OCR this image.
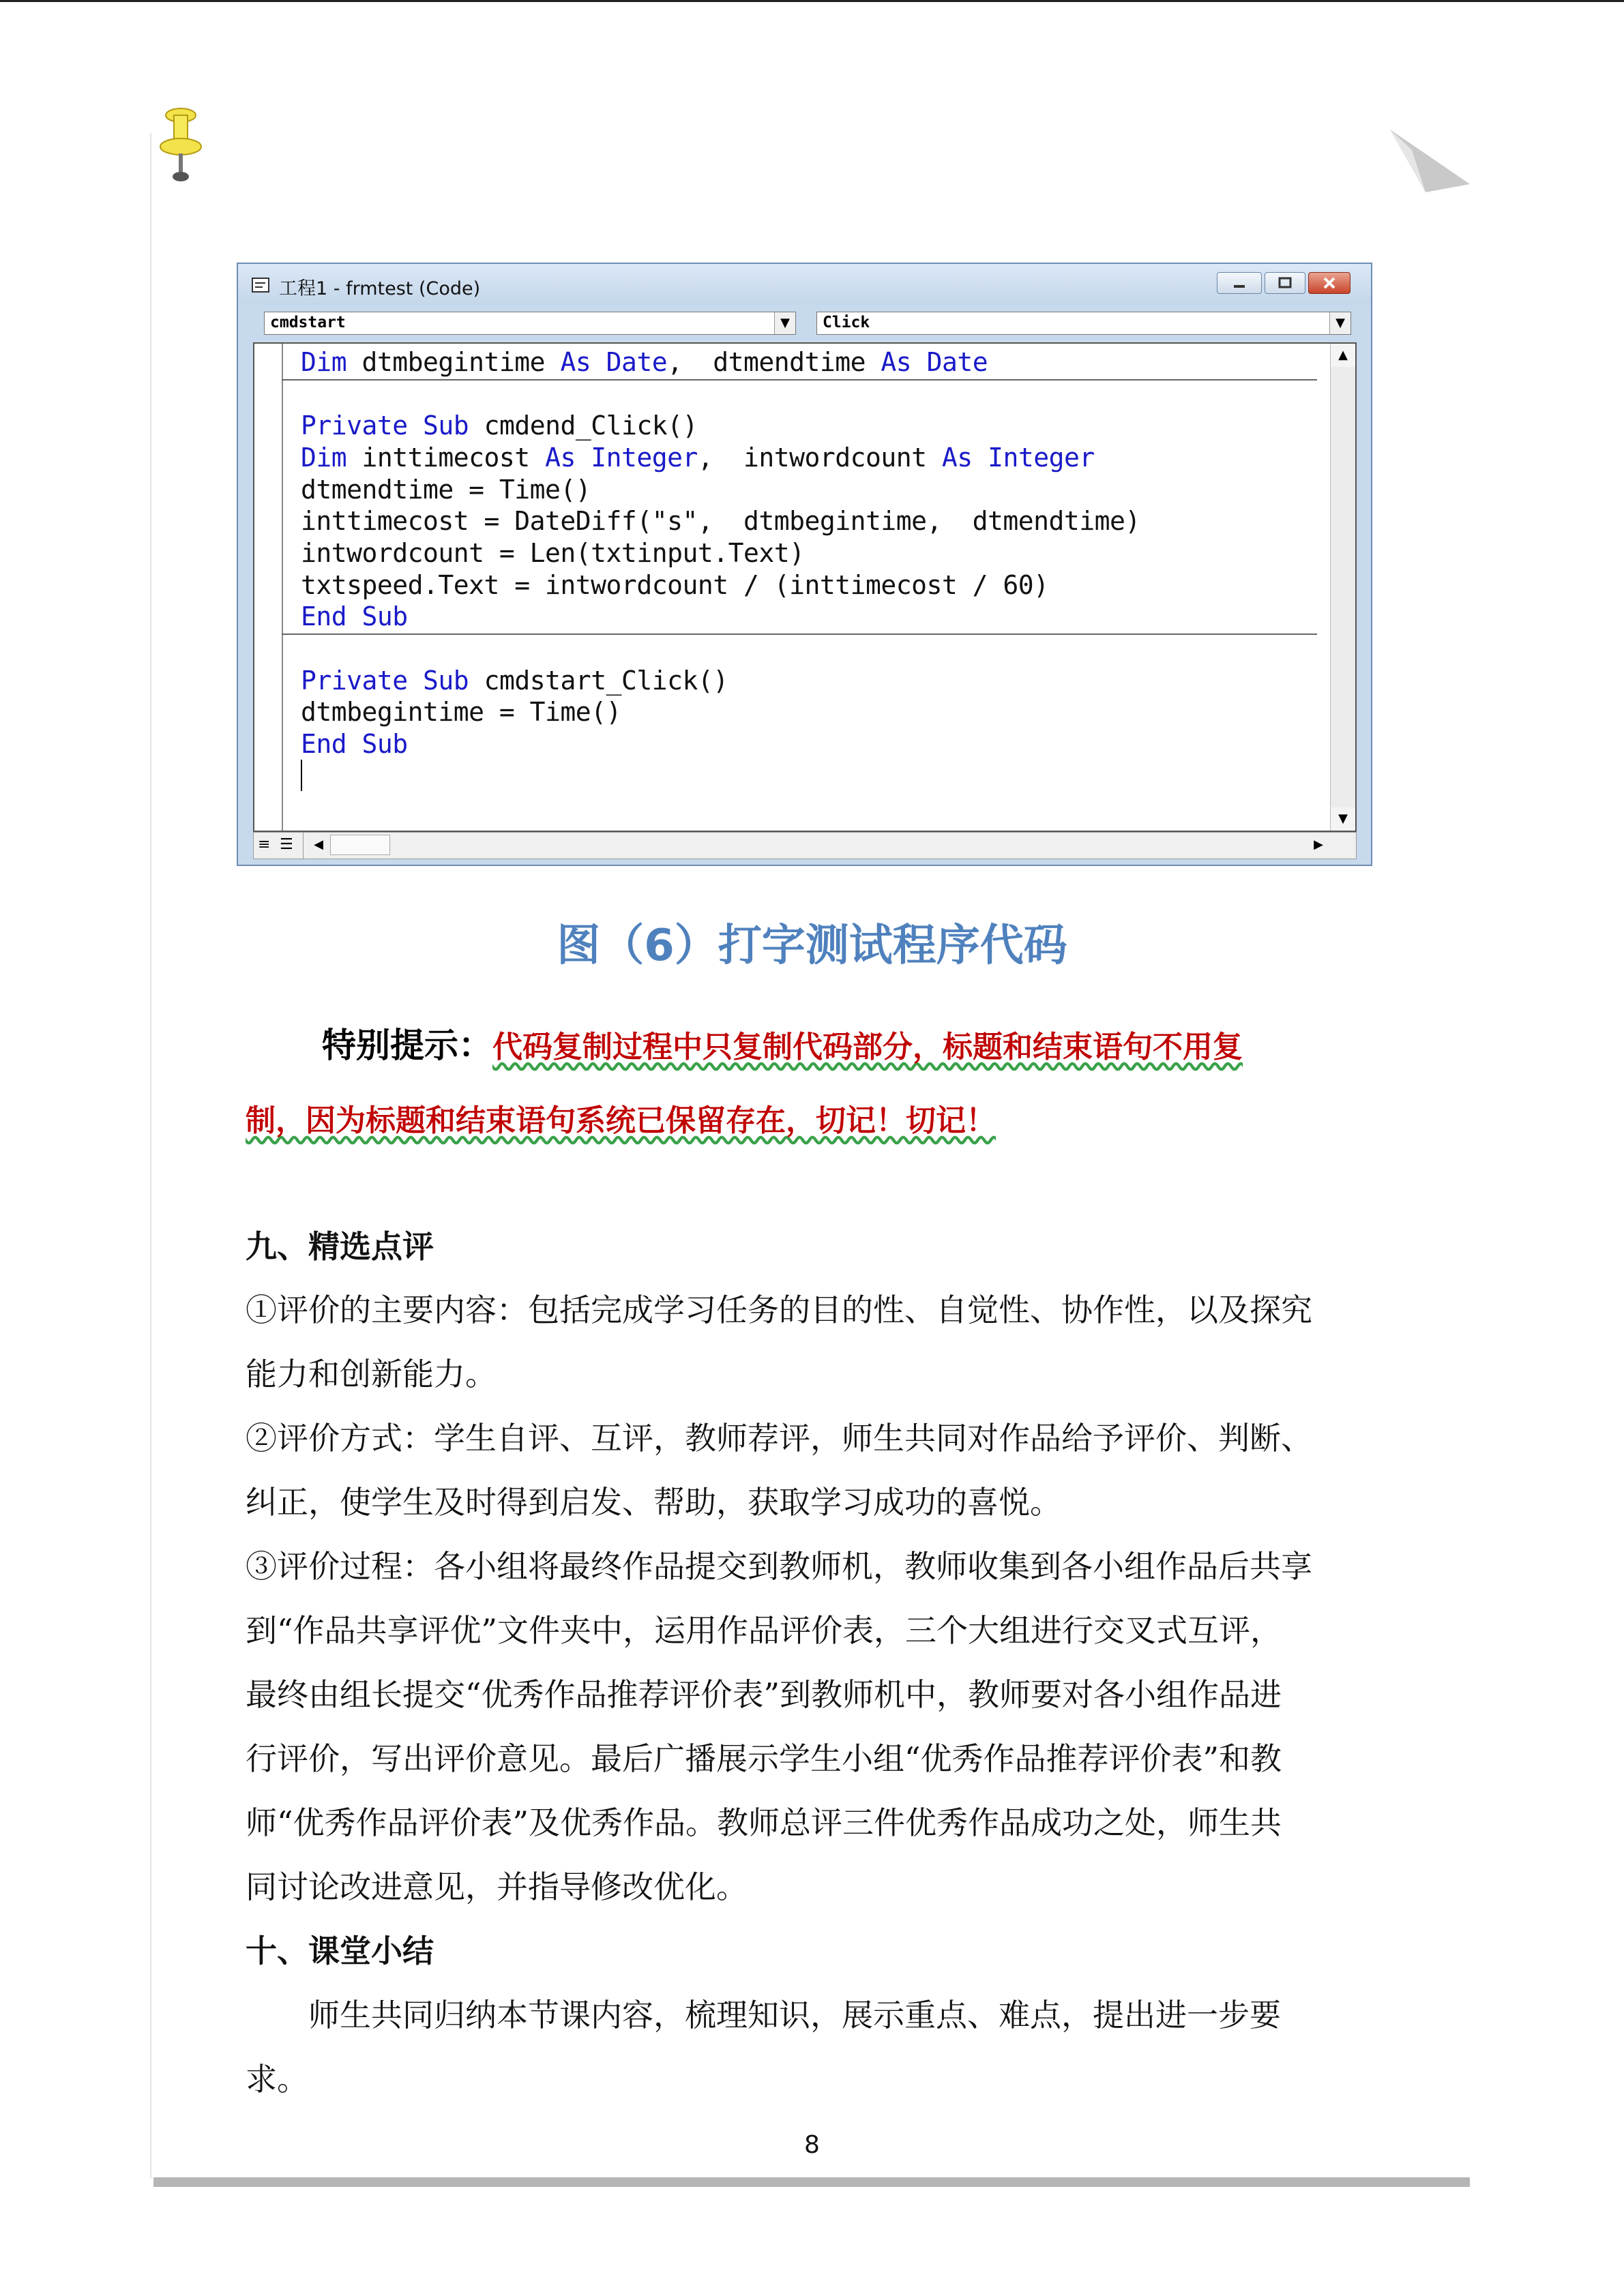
工程1 - frmtest (Code)
cmdstart	▼	Click	▼
Dim dtmbegintime As Date,  dtmendtime As Date
Private Sub cmdend_Click()
Dim inttimecost As Integer,  intwordcount As Integer
dtmendtime = Time()
inttimecost = DateDiff("s",  dtmbegintime,  dtmendtime)
intwordcount = Len(txtinput.Text)
txtspeed.Text = intwordcount / (inttimecost / 60)
End Sub
Private Sub cmdstart_Click()
dtmbegintime = Time()
End Sub
▲
▼
≡ ☰	◀	▶
图（6）打字测试程序代码
特别提示：代码复制过程中只复制代码部分，标题和结束语句不用复
制，因为标题和结束语句系统已保留存在，切记！切记！
九、精选点评
①评价的主要内容：包括完成学习任务的目的性、自觉性、协作性，以及探究
能力和创新能力。
②评价方式：学生自评、互评，教师荐评，师生共同对作品给予评价、判断、
纠正，使学生及时得到启发、帮助，获取学习成功的喜悦。
③评价过程：各小组将最终作品提交到教师机，教师收集到各小组作品后共享
到“作品共享评优”文件夹中，运用作品评价表，三个大组进行交叉式互评，
最终由组长提交“优秀作品推荐评价表”到教师机中，教师要对各小组作品进
行评价，写出评价意见。最后广播展示学生小组“优秀作品推荐评价表”和教
师“优秀作品评价表”及优秀作品。教师总评三件优秀作品成功之处，师生共
同讨论改进意见，并指导修改优化。
十、课堂小结
　　师生共同归纳本节课内容，梳理知识，展示重点、难点，提出进一步要
求。
8
